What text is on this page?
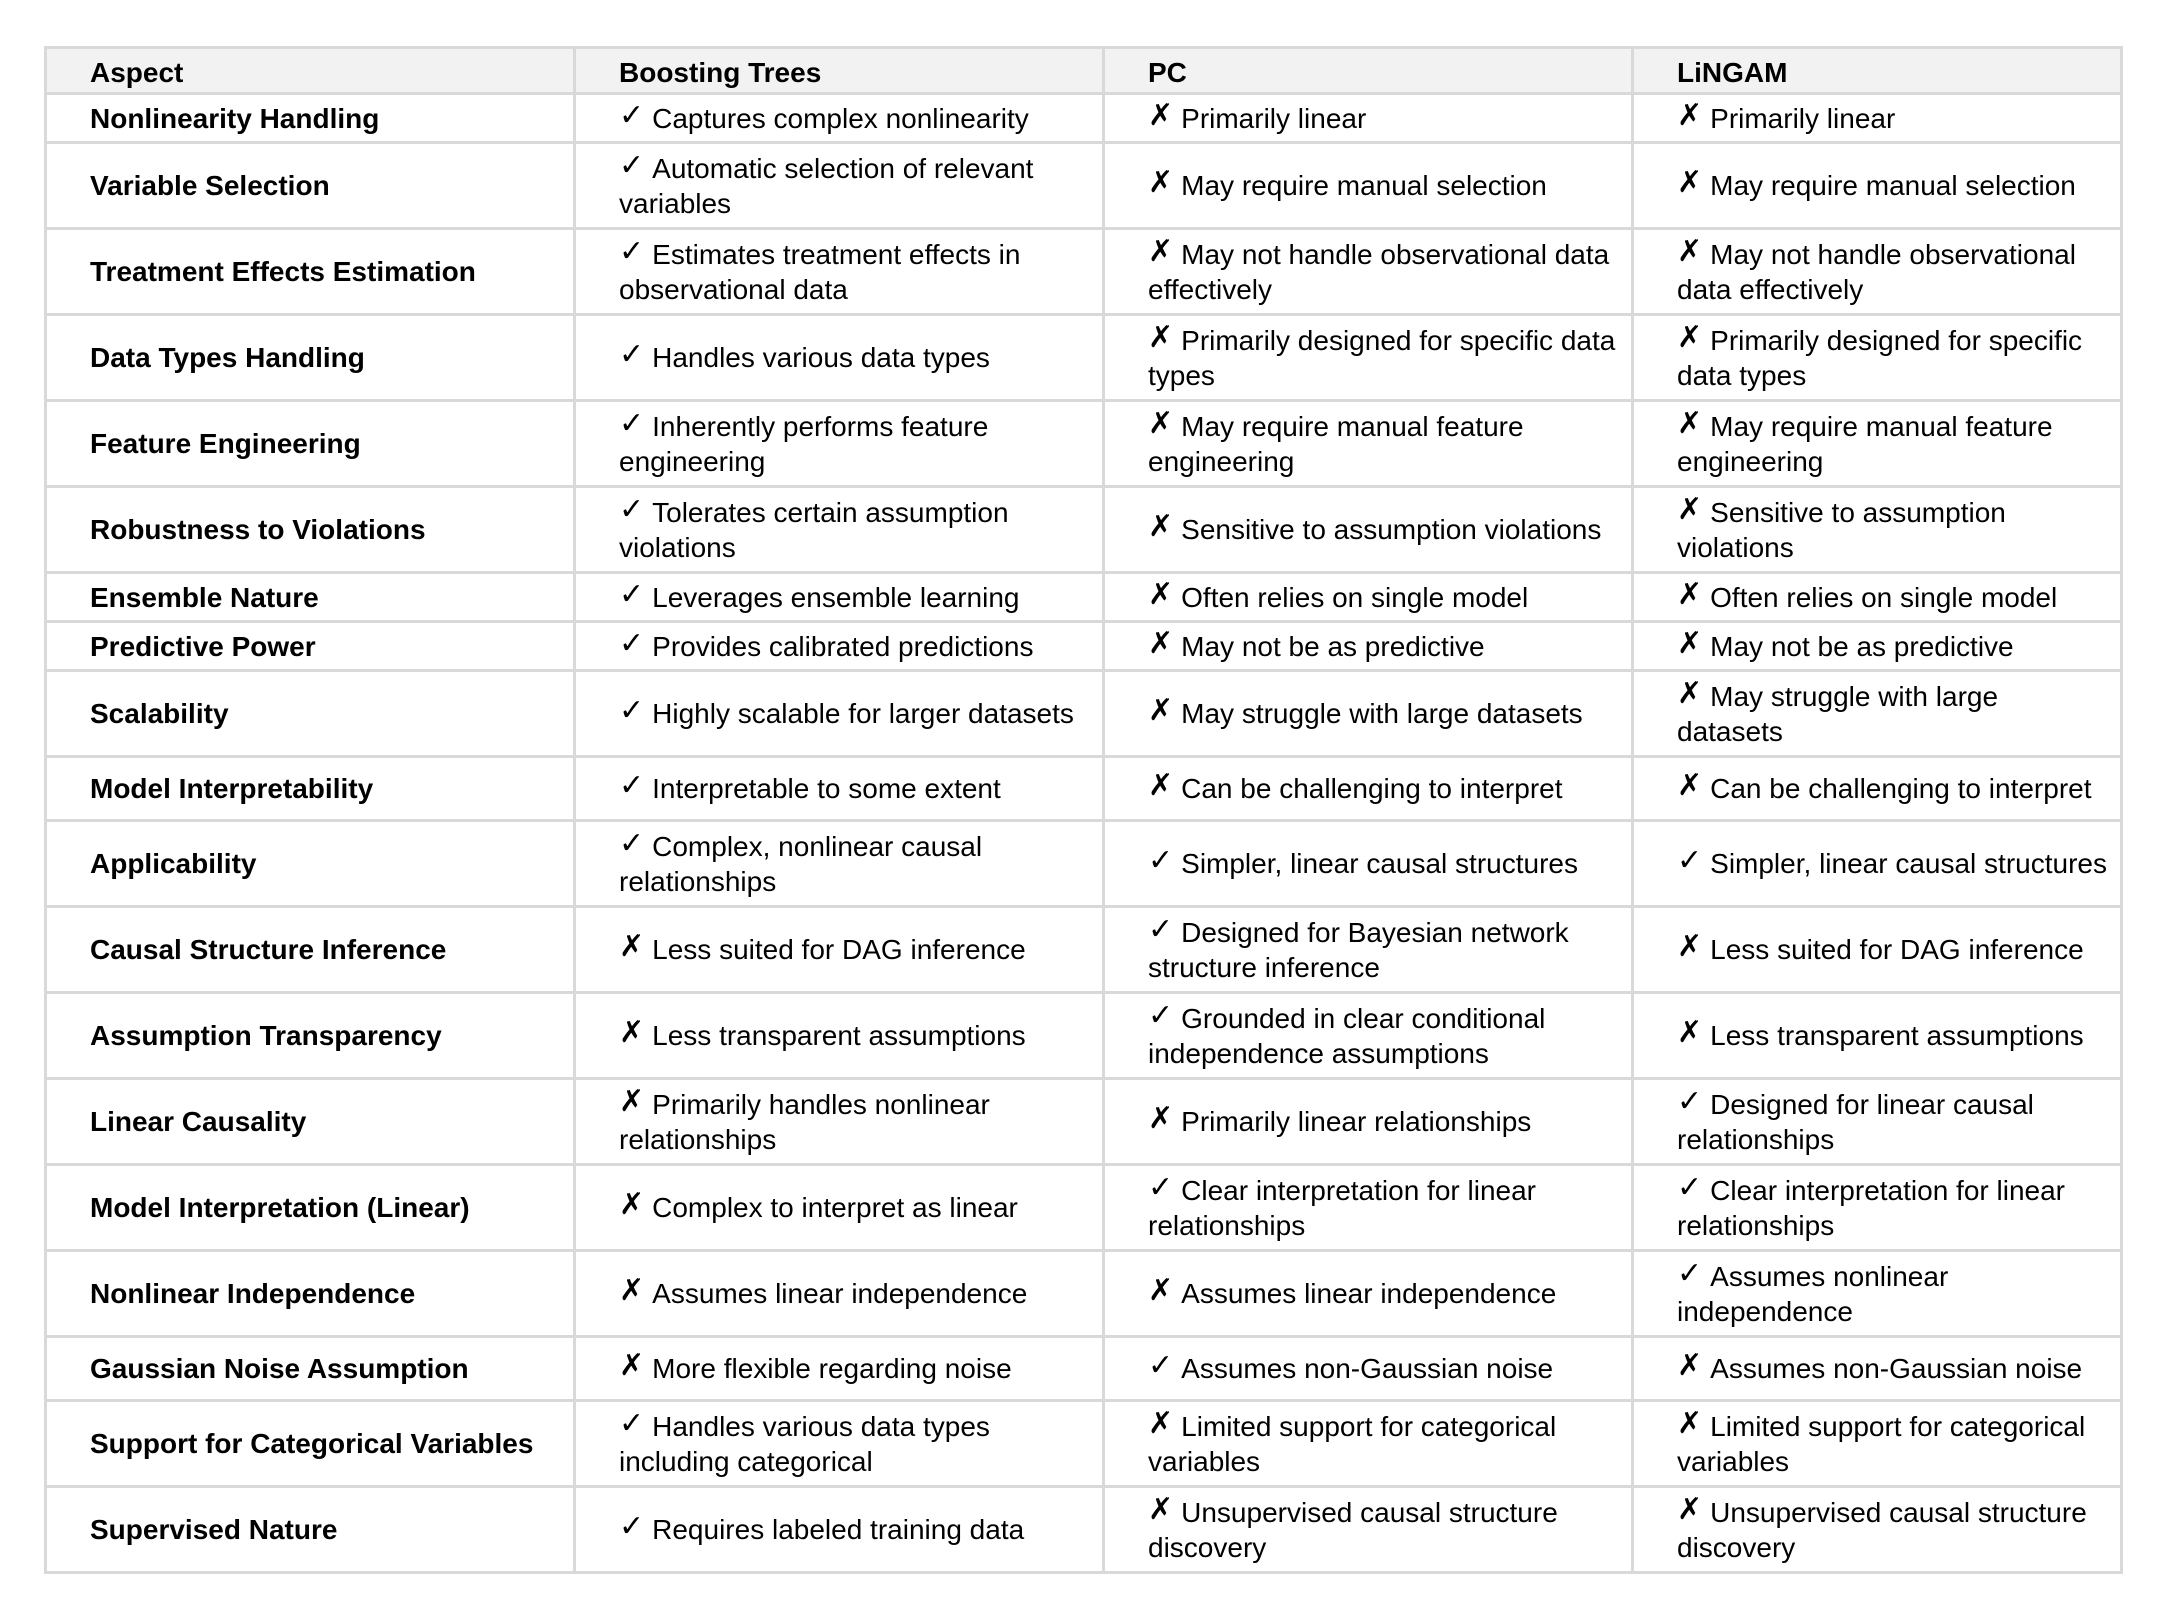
Aspect	Boosting Trees	PC	LiNGAM
Nonlinearity Handling	✓ Captures complex nonlinearity	✗ Primarily linear	✗ Primarily linear
Variable Selection	✓ Automatic selection of relevant variables	✗ May require manual selection	✗ May require manual selection
Treatment Effects Estimation	✓ Estimates treatment effects in observational data	✗ May not handle observational data effectively	✗ May not handle observational data effectively
Data Types Handling	✓ Handles various data types	✗ Primarily designed for specific data types	✗ Primarily designed for specific data types
Feature Engineering	✓ Inherently performs feature engineering	✗ May require manual feature engineering	✗ May require manual feature engineering
Robustness to Violations	✓ Tolerates certain assumption violations	✗ Sensitive to assumption violations	✗ Sensitive to assumption violations
Ensemble Nature	✓ Leverages ensemble learning	✗ Often relies on single model	✗ Often relies on single model
Predictive Power	✓ Provides calibrated predictions	✗ May not be as predictive	✗ May not be as predictive
Scalability	✓ Highly scalable for larger datasets	✗ May struggle with large datasets	✗ May struggle with large datasets
Model Interpretability	✓ Interpretable to some extent	✗ Can be challenging to interpret	✗ Can be challenging to interpret
Applicability	✓ Complex, nonlinear causal relationships	✓ Simpler, linear causal structures	✓ Simpler, linear causal structures
Causal Structure Inference	✗ Less suited for DAG inference	✓ Designed for Bayesian network structure inference	✗ Less suited for DAG inference
Assumption Transparency	✗ Less transparent assumptions	✓ Grounded in clear conditional independence assumptions	✗ Less transparent assumptions
Linear Causality	✗ Primarily handles nonlinear relationships	✗ Primarily linear relationships	✓ Designed for linear causal relationships
Model Interpretation (Linear)	✗ Complex to interpret as linear	✓ Clear interpretation for linear relationships	✓ Clear interpretation for linear relationships
Nonlinear Independence	✗ Assumes linear independence	✗ Assumes linear independence	✓ Assumes nonlinear independence
Gaussian Noise Assumption	✗ More flexible regarding noise	✓ Assumes non-Gaussian noise	✗ Assumes non-Gaussian noise
Support for Categorical Variables	✓ Handles various data types including categorical	✗ Limited support for categorical variables	✗ Limited support for categorical variables
Supervised Nature	✓ Requires labeled training data	✗ Unsupervised causal structure discovery	✗ Unsupervised causal structure discovery
